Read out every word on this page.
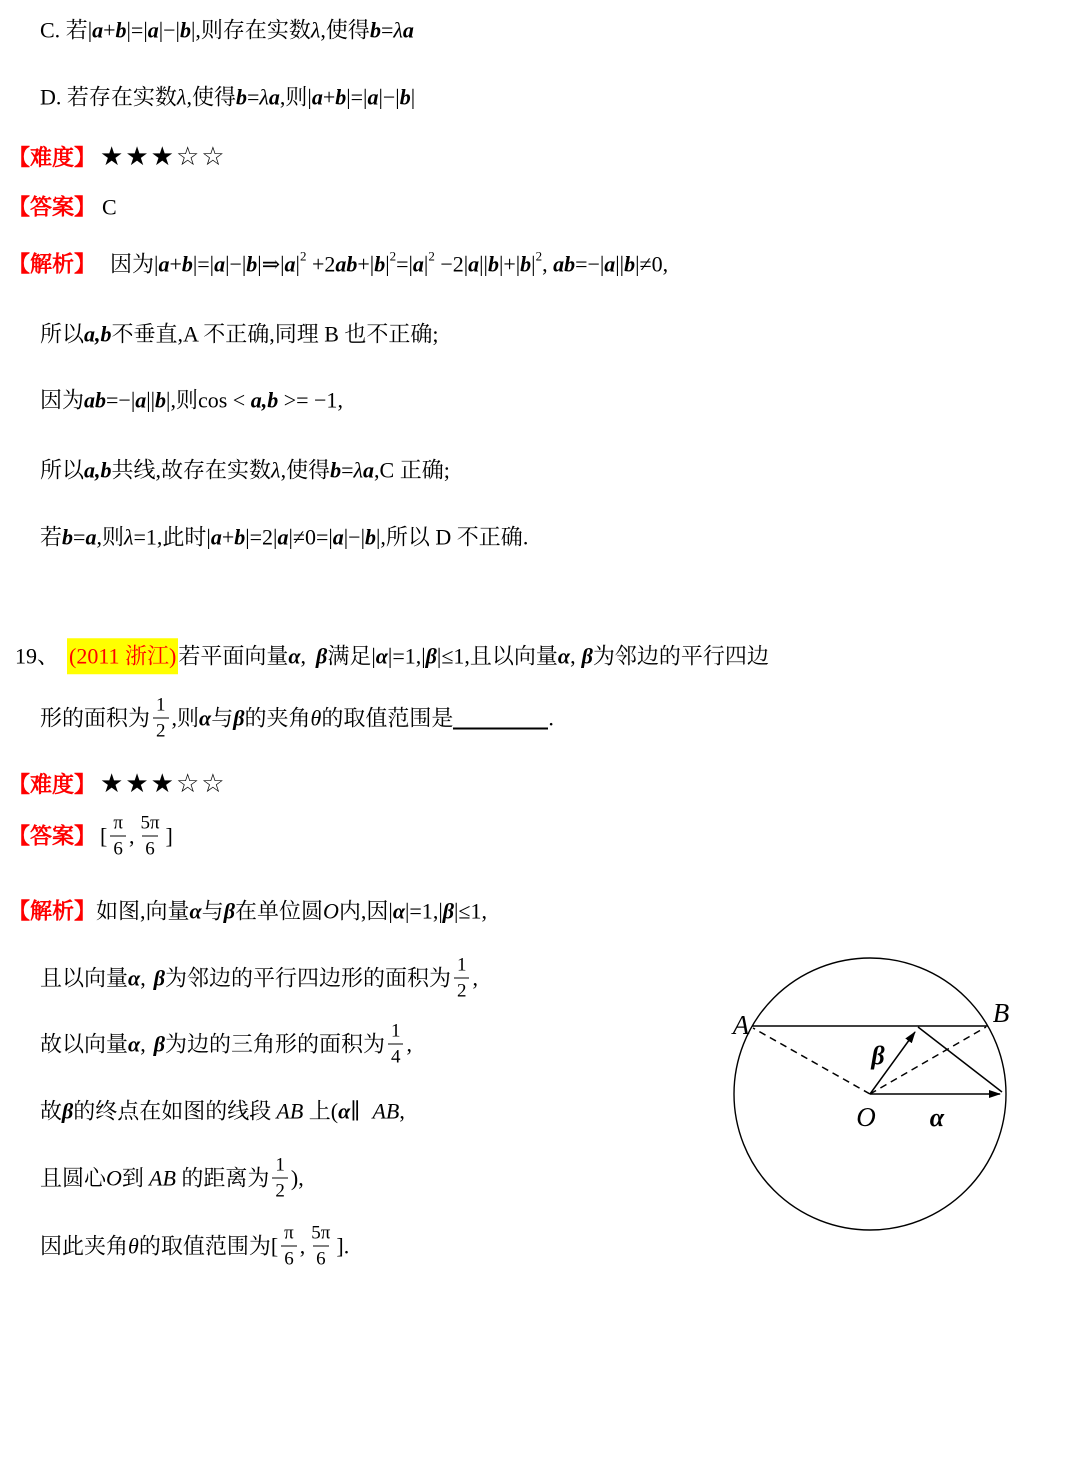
C. 若 | a + b |=| a |−| b | ,则存在实数 λ ,使得 b = λ a
D. 若存在实数 λ ,使得 b = λ a ,则 | a + b |=| a |−| b |
【难度】 ★★★☆☆
【答案】 C
【解析】 因为 | a + b |=| a |−| b |⇒| a | 2 +2 ab +| b | 2 =| a | 2 −2| a || b |+| b | 2 , ab =−| a || b |≠0 ,
所以 a,b 不垂直, A 不正确,同理 B 也不正确;
因为 ab =−| a || b | ,则 cos < a,b >= −1 ,
所以 a,b 共线,故存在实数 λ ,使得 b = λ a , C 正确;
若 b = a ,则 λ =1 ,此时 | a + b |=2| a |≠0=| a |−| b | ,所以 D 不正确 .
19 、 (2011 浙江) 若平面向量 α , β 满足 | α |=1 , | β |≤1 ,且以向量 α , β 为邻边的平行四边
形的面积为 $\frac{1}{2}$ ,则 α 与 β 的夹角 θ 的取值范围是	.
【难度】 ★★★☆☆
【答案】 [ $\frac{\pi}{6}$ , $\frac{5\pi}{6}$ ]
【解析】 如图,向量 α 与 β 在单位圆 O 内,因 | α |=1 , | β |≤1 ,
且以向量 α , β 为邻边的平行四边形的面积为 $\frac{1}{2}$ ,
故以向量 α , β 为边的三角形的面积为 $\frac{1}{4}$ ,
故 β 的终点在如图的线段 AB 上( α ∥ AB ,
且圆心 O 到 AB 的距离为 $\frac{1}{2}$ ),
因此夹角 θ 的取值范围为 [ $\frac{\pi}{6}$ , $\frac{5\pi}{6}$ ] .
A	B
O
β
α
